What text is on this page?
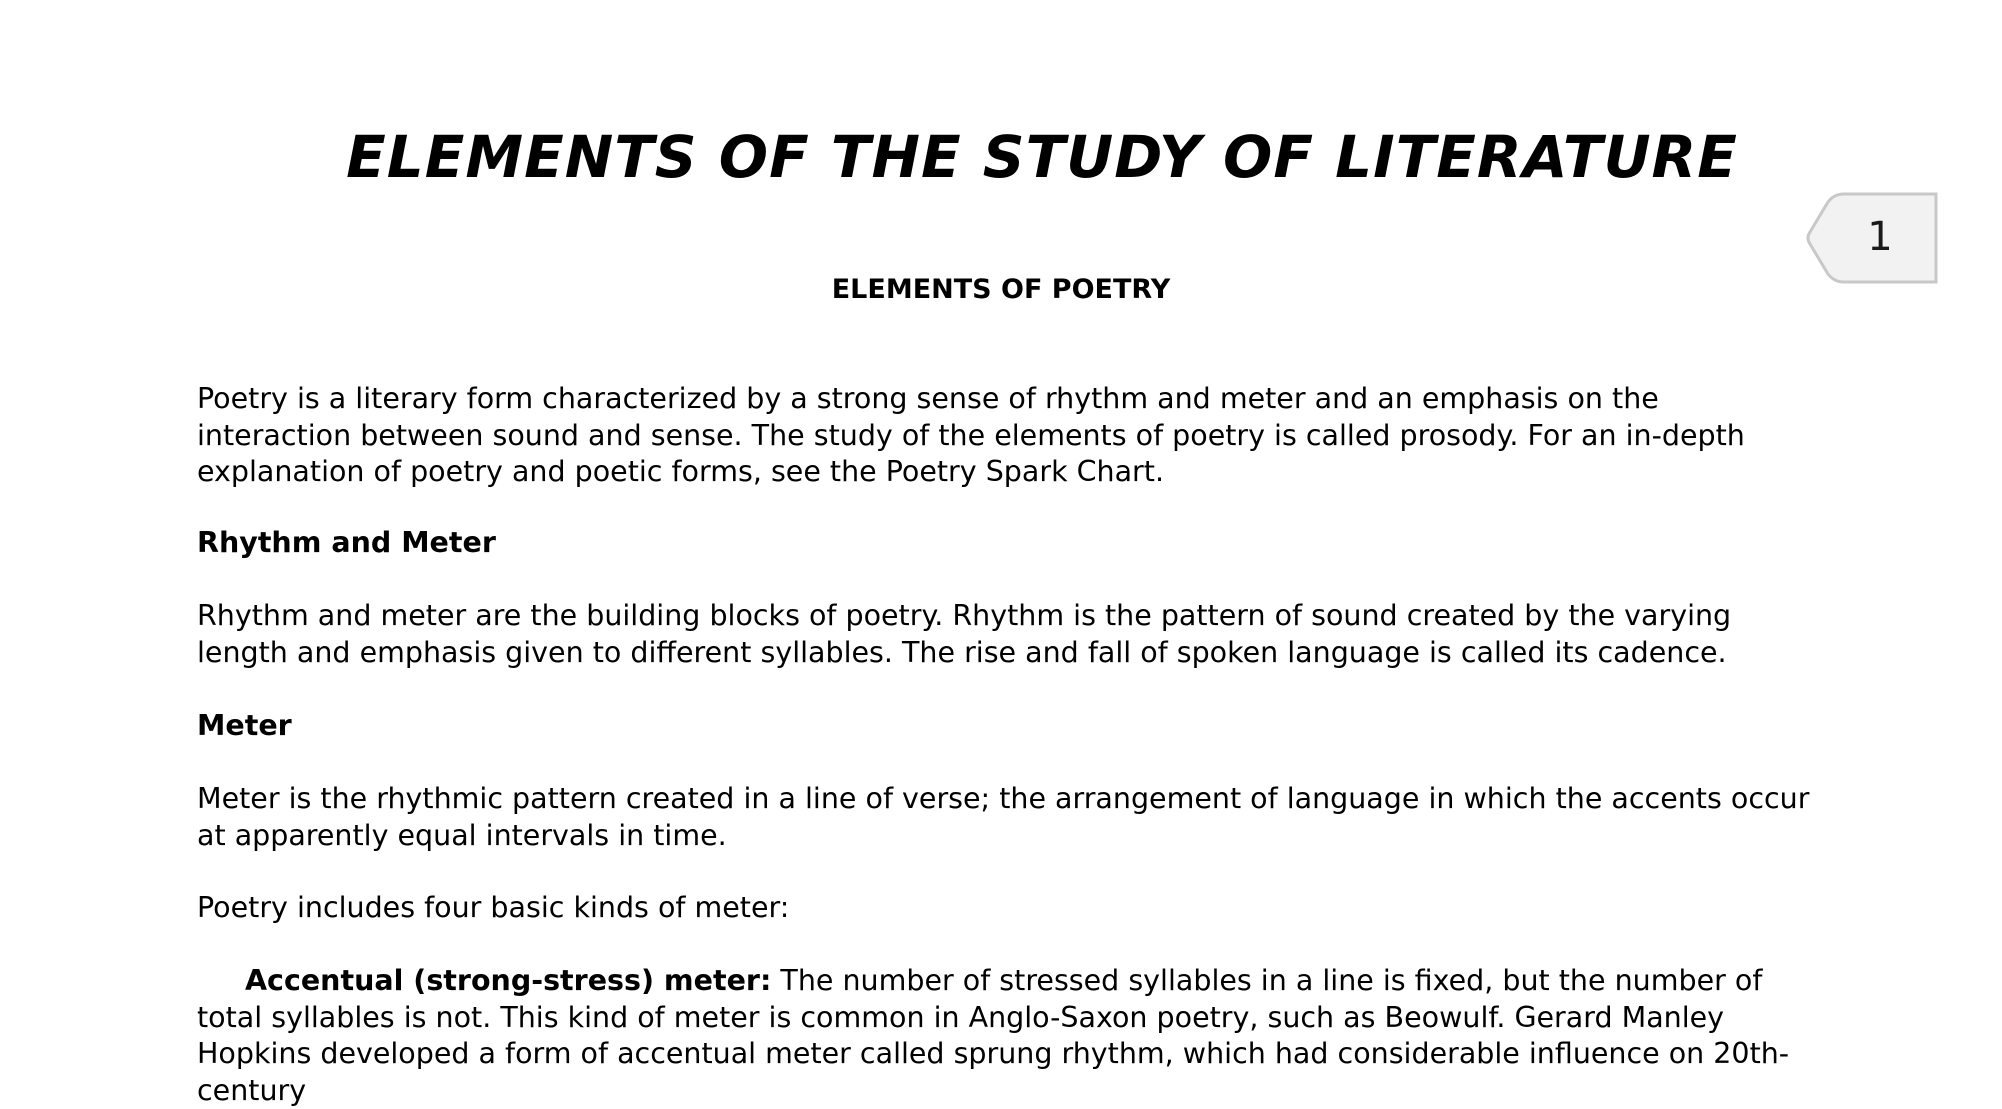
ELEMENTS OF THE STUDY OF LITERATURE
ELEMENTS OF POETRY

Poetry is a literary form characterized by a strong sense of rhythm and meter and an emphasis on the interaction between sound and sense. The study of the elements of poetry is called prosody. For an in-depth explanation of poetry and poetic forms, see the Poetry Spark Chart.

Rhythm and Meter

Rhythm and meter are the building blocks of poetry. Rhythm is the pattern of sound created by the varying length and emphasis given to different syllables. The rise and fall of spoken language is called its cadence.

Meter

Meter is the rhythmic pattern created in a line of verse; the arrangement of language in which the accents occur at apparently equal intervals in time.

Poetry includes four basic kinds of meter:

Accentual (strong-stress) meter: The number of stressed syllables in a line is fixed, but the number of total syllables is not. This kind of meter is common in Anglo-Saxon poetry, such as Beowulf. Gerard Manley Hopkins developed a form of accentual meter called sprung rhythm, which had considerable influence on 20th-century

1
